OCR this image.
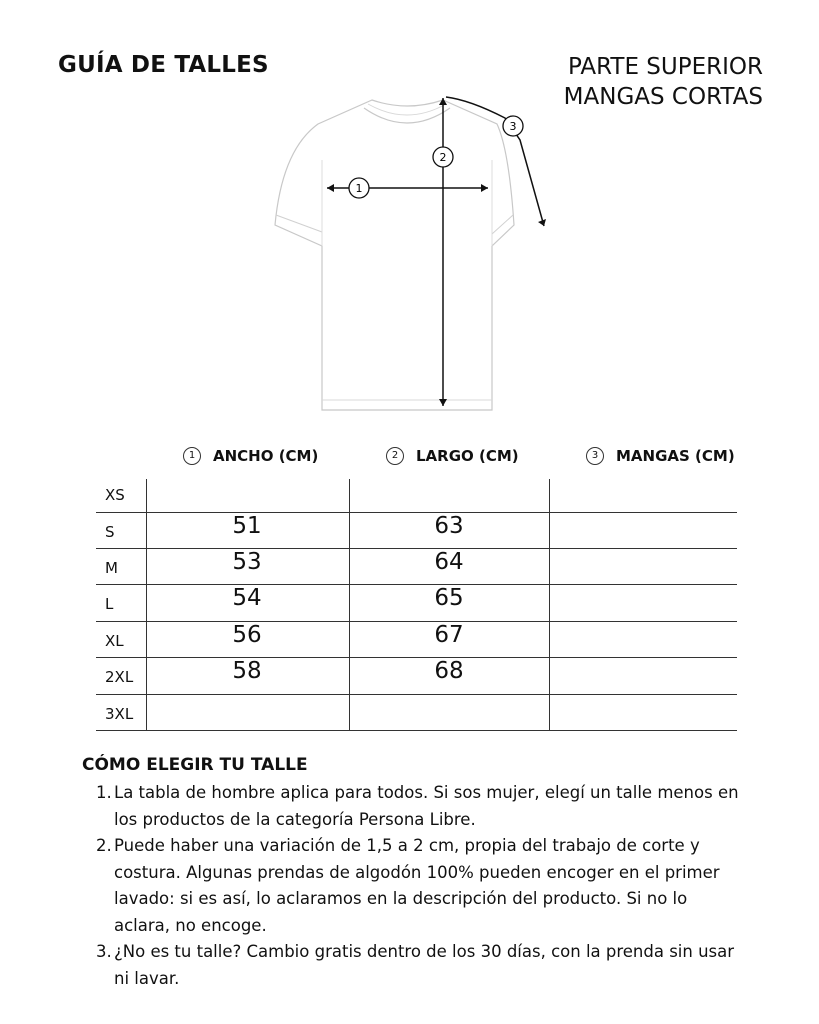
GUÍA DE TALLES	PARTE SUPERIOR
MANGAS CORTAS
1
2
3
1	ANCHO (CM)	2	LARGO (CM)	3	MANGAS (CM)
XS
S	51	63
M	53	64
L	54	65
XL	56	67
2XL	58	68
3XL
CÓMO ELEGIR TU TALLE
1. La tabla de hombre aplica para todos. Si sos mujer, elegí un talle menos en los productos de la categoría Persona Libre.
2. Puede haber una variación de 1,5 a 2 cm, propia del trabajo de corte y costura. Algunas prendas de algodón 100% pueden encoger en el primer lavado: si es así, lo aclaramos en la descripción del producto. Si no lo aclara, no encoge.
3. ¿No es tu talle? Cambio gratis dentro de los 30 días, con la prenda sin usar ni lavar.
